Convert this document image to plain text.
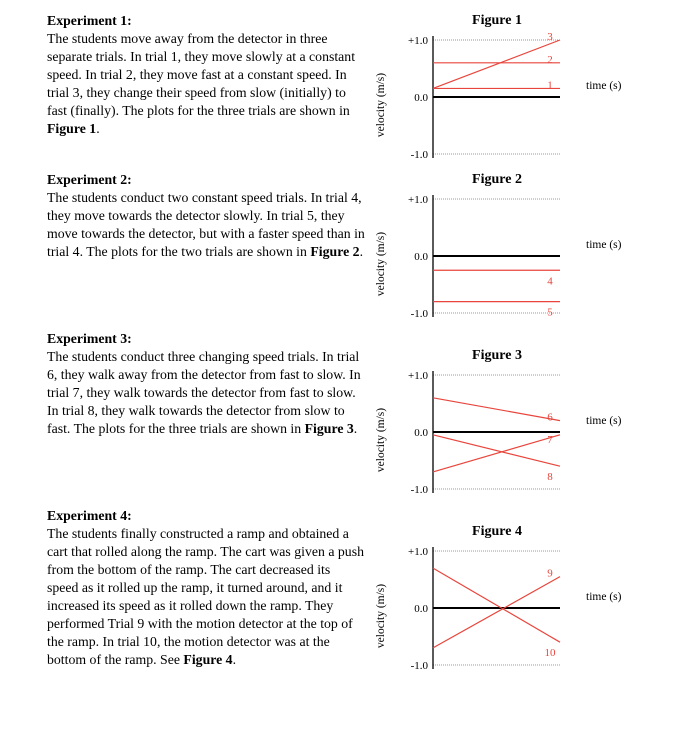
Experiment 1:
The students move away from the detector in three separate trials. In trial 1, they move slowly at a constant speed. In trial 2, they move fast at a constant speed. In trial 3, they change their speed from slow (initially) to fast (finally). The plots for the three trials are shown in Figure 1.
Experiment 2:
The students conduct two constant speed trials. In trial 4, they move towards the detector slowly. In trial 5, they move towards the detector, but with a faster speed than in trial 4. The plots for the two trials are shown in Figure 2.
Experiment 3:
The students conduct three changing speed trials. In trial 6, they walk away from the detector from fast to slow. In trial 7, they walk towards the detector from fast to slow. In trial 8, they walk towards the detector from slow to fast. The plots for the three trials are shown in Figure 3.
Experiment 4:
The students finally constructed a ramp and obtained a cart that rolled along the ramp. The cart was given a push from the bottom of the ramp. The cart decreased its speed as it rolled up the ramp, it turned around, and it increased its speed as it rolled down the ramp. They performed Trial 9 with the motion detector at the top of the ramp. In trial 10, the motion detector was at the bottom of the ramp. See Figure 4.
Figure 1
+1.0
0.0
-1.0
velocity (m/s)	time (s)
1
2
3
Figure 2
+1.0
0.0
-1.0
velocity (m/s)	time (s)
4
5
Figure 3
+1.0
0.0
-1.0
velocity (m/s)	time (s)
6
7
8
Figure 4
+1.0
0.0
-1.0
velocity (m/s)	time (s)
9
10
